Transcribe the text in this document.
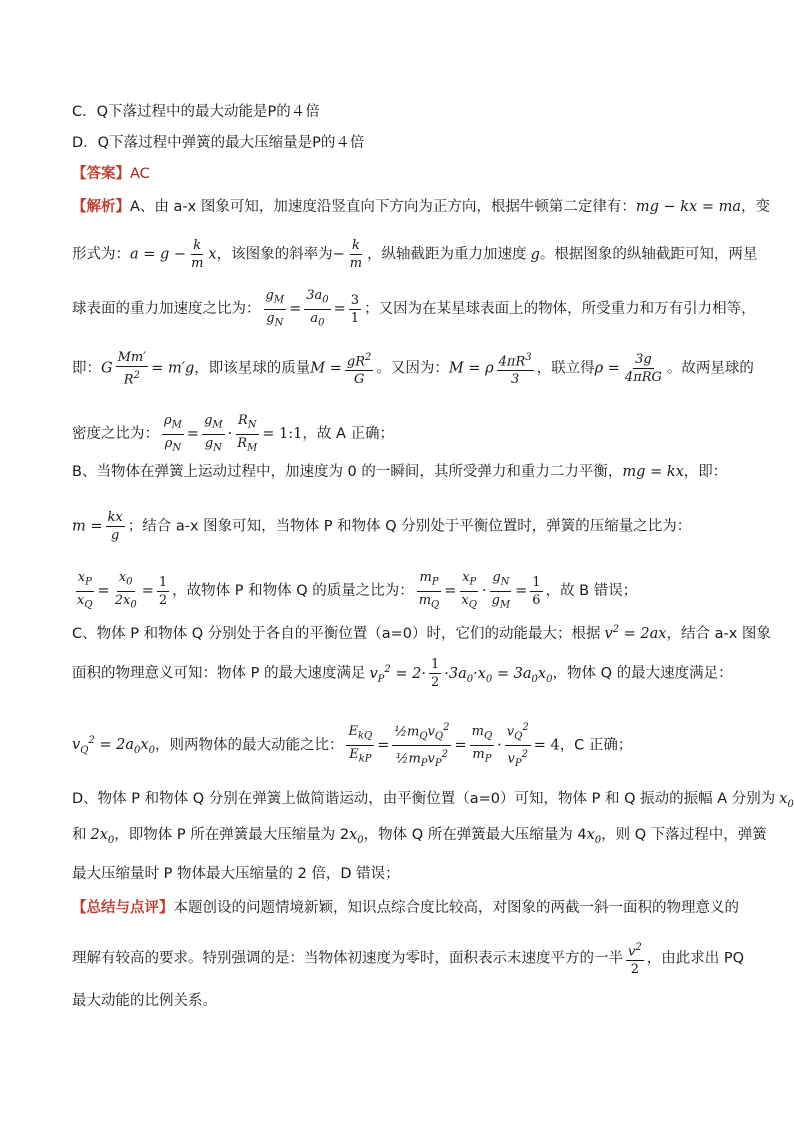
C．Q下落过程中的最大动能是P的４倍
D．Q下落过程中弹簧的最大压缩量是P的４倍
【答案】AC
【解析】A、由 a-x 图象可知，加速度沿竖直向下方向为正方向，根据牛顿第二定律有：mg − kx = ma，变
形式为：$a = g - \frac{k}{m}$ x，该图象的斜率为− $\frac{k}{m}$ ，纵轴截距为重力加速度 g。根据图象的纵轴截距可知，两星
球表面的重力加速度之比为： $\frac{g_M}{g_N} = \frac{3a_0}{a_0} = \frac{3}{1}$ ；又因为在某星球表面上的物体，所受重力和万有引力相等，
即：G $\frac{Mm'}{R^2} = m'g$，即该星球的质量$M = \frac{gR^2}{G}$ 。又因为：M = ρ $\frac{4\pi R^3}{3}$ ，联立得$\rho = \frac{3g}{\text{4πRG}}$ 。故两星球的
密度之比为： $\frac{\rho_M}{\rho_N} = \frac{g_M}{g_N} \cdot \frac{R_N}{R_M}$ = 1:1，故 A 正确；
B、当物体在弹簧上运动过程中，加速度为 0 的一瞬间，其所受弹力和重力二力平衡，mg = kx，即：
$m = \frac{kx}{g}$ ；结合 a-x 图象可知，当物体 P 和物体 Q 分别处于平衡位置时，弹簧的压缩量之比为：
$\frac{x_P}{x_Q} = \frac{x_0}{2x_0} = \frac{1}{2}$ ，故物体 P 和物体 Q 的质量之比为： $\frac{m_P}{m_Q} = \frac{x_P}{x_Q} \cdot \frac{g_N}{g_M} = \frac{1}{6}$ ，故 B 错误；
C、物体 P 和物体 Q 分别处于各自的平衡位置（a=0）时，它们的动能最大；根据 $v^2 = 2ax$，结合 a-x 图象
面积的物理意义可知：物体 P 的最大速度满足 $v_P^2 = 2\cdot \frac{1}{2} \cdot 3a_0\cdot x_0 = 3a_0x_0$，物体 Q 的最大速度满足：
$v_Q^2 = 2a_0x_0$，则两物体的最大动能之比： $\frac{E_{kQ}}{E_{kP}} = \frac{\frac{1}{2}m_Qv_Q^2}{\frac{1}{2}m_Pv_P^2} = \frac{m_Q}{m_P} \cdot \frac{v_Q^2}{v_P^2} = 4$，C 正确；
D、物体 P 和物体 Q 分别在弹簧上做简谐运动，由平衡位置（a=0）可知，物体 P 和 Q 振动的振幅 A 分别为 $x_0$
和 $2x_0$，即物体 P 所在弹簧最大压缩量为 $2x_0$，物体 Q 所在弹簧最大压缩量为 $4x_0$，则 Q 下落过程中，弹簧
最大压缩量时 P 物体最大压缩量的 2 倍，D 错误；
【总结与点评】本题创设的问题情境新颖，知识点综合度比较高，对图象的两截一斜一面积的物理意义的
理解有较高的要求。特别强调的是：当物体初速度为零时，面积表示末速度平方的一半 $\frac{v^2}{2}$ ，由此求出 PQ
最大动能的比例关系。
